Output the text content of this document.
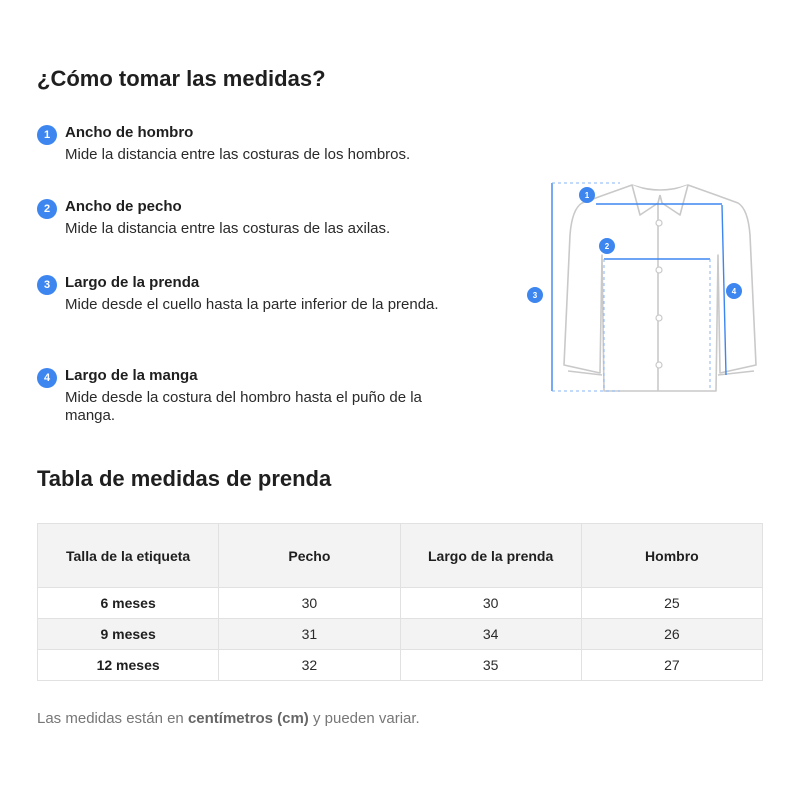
¿Cómo tomar las medidas?
1 Ancho de hombro
Mide la distancia entre las costuras de los hombros.
2 Ancho de pecho
Mide la distancia entre las costuras de las axilas.
3 Largo de la prenda
Mide desde el cuello hasta la parte inferior de la prenda.
4 Largo de la manga
Mide desde la costura del hombro hasta el puño de la manga.
1
2
3	4
Tabla de medidas de prenda
Talla de la etiqueta	Pecho	Largo de la prenda	Hombro
6 meses	30	30	25
9 meses	31	34	26
12 meses	32	35	27
Las medidas están en centímetros (cm) y pueden variar.
